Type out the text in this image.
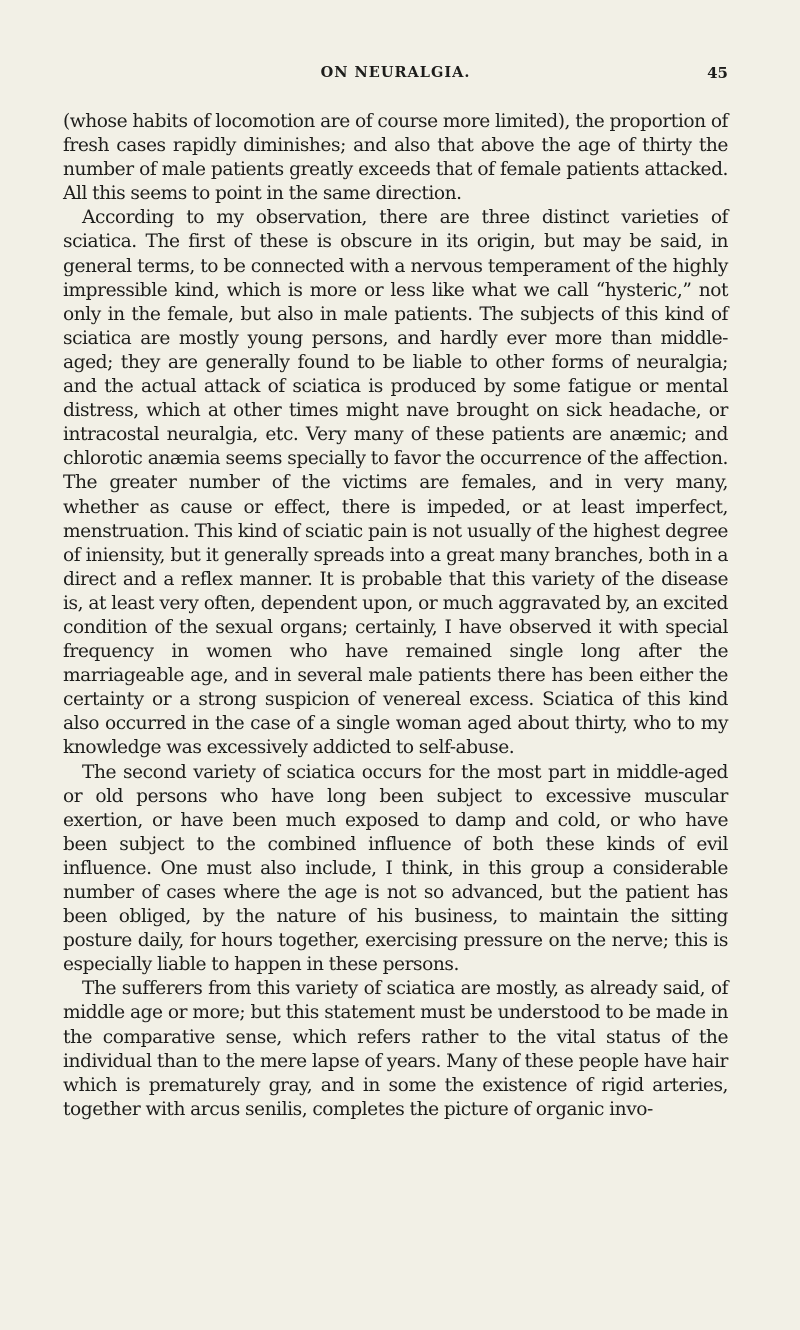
ON NEURALGIA.	45

(whose habits of locomotion are of course more limited), the proportion of fresh cases rapidly diminishes; and also that above the age of thirty the number of male patients greatly exceeds that of female patients attacked. All this seems to point in the same direction.

According to my observation, there are three distinct varieties of sciatica. The first of these is obscure in its origin, but may be said, in general terms, to be connected with a nervous temperament of the highly impressible kind, which is more or less like what we call “hysteric,” not only in the female, but also in male patients. The subjects of this kind of sciatica are mostly young persons, and hardly ever more than middle-aged; they are generally found to be liable to other forms of neuralgia; and the actual attack of sciatica is produced by some fatigue or mental distress, which at other times might nave brought on sick headache, or intracostal neuralgia, etc. Very many of these patients are anæmic; and chlorotic anæmia seems specially to favor the occurrence of the affection. The greater number of the victims are females, and in very many, whether as cause or effect, there is impeded, or at least imperfect, menstruation. This kind of sciatic pain is not usually of the highest degree of iniensity, but it generally spreads into a great many branches, both in a direct and a reflex manner. It is probable that this variety of the disease is, at least very often, dependent upon, or much aggravated by, an excited condition of the sexual organs; certainly, I have observed it with special frequency in women who have remained single long after the marriageable age, and in several male patients there has been either the certainty or a strong suspicion of venereal excess. Sciatica of this kind also occurred in the case of a single woman aged about thirty, who to my knowledge was excessively addicted to self-abuse.

The second variety of sciatica occurs for the most part in middle-aged or old persons who have long been subject to excessive muscular exertion, or have been much exposed to damp and cold, or who have been subject to the combined influence of both these kinds of evil influence. One must also include, I think, in this group a considerable number of cases where the age is not so advanced, but the patient has been obliged, by the nature of his business, to maintain the sitting posture daily, for hours together, exercising pressure on the nerve; this is especially liable to happen in these persons.

The sufferers from this variety of sciatica are mostly, as already said, of middle age or more; but this statement must be understood to be made in the comparative sense, which refers rather to the vital status of the individual than to the mere lapse of years. Many of these people have hair which is prematurely gray, and in some the existence of rigid arteries, together with arcus senilis, completes the picture of organic invo-
